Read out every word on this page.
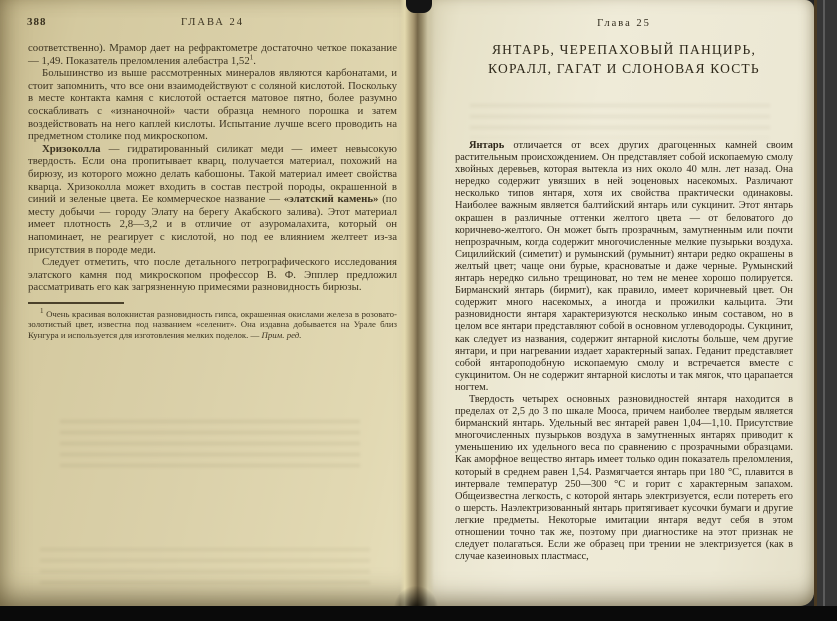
388	ГЛАВА 24

соответственно). Мрамор дает на рефрактометре достаточно четкое показание — 1,49. Показатель преломления алебастра 1,52$^1$.

Большинство из выше рассмотренных минералов являются карбонатами, и стоит запомнить, что все они взаимодействуют с соляной кислотой. Поскольку в месте контакта камня с кислотой остается матовое пятно, более разумно соскабливать с «изнаночной» части образца немного порошка и затем воздействовать на него каплей кислоты. Испытание лучше всего проводить на предметном столике под микроскопом.

Хризоколла — гидратированный силикат меди — имеет невысокую твердость. Если она пропитывает кварц, получается материал, похожий на бирюзу, из которого можно делать кабошоны. Такой материал имеет свойства кварца. Хризоколла может входить в состав пестрой породы, окрашенной в синий и зеленые цвета. Ее коммерческое название — «элатский камень» (по месту добычи — городу Элату на берегу Акабского залива). Этот материал имеет плотность 2,8—3,2 и в отличие от азуромалахита, который он напоминает, не реагирует с кислотой, но под ее влиянием желтеет из-за присутствия в породе меди.

Следует отметить, что после детального петрографического исследования элатского камня под микроскопом профессор В. Ф. Эпплер предложил рассматривать его как загрязненную примесями разновидность бирюзы.

$^1$ Очень красивая волокнистая разновидность гипса, окрашенная окислами железа в розовато-золотистый цвет, известна под названием «селенит». Она издавна добывается на Урале близ Кунгура и используется для изготовления мелких поделок. — Прим. ред.

Глава 25
ЯНТАРЬ, ЧЕРЕПАХОВЫЙ ПАНЦИРЬ,
КОРАЛЛ, ГАГАТ И СЛОНОВАЯ КОСТЬ

Янтарь отличается от всех других драгоценных камней своим растительным происхождением. Он представляет собой ископаемую смолу хвойных деревьев, которая вытекла из них около 40 млн. лет назад. Она нередко содержит увязших в ней эоценовых насекомых. Различают несколько типов янтаря, хотя их свойства практически одинаковы. Наиболее важным является балтийский янтарь или сукцинит. Этот янтарь окрашен в различные оттенки желтого цвета — от беловатого до коричнево-желтого. Он может быть прозрачным, замутненным или почти непрозрачным, когда содержит многочисленные мелкие пузырьки воздуха. Сицилийский (симетит) и румынский (румынит) янтари редко окрашены в желтый цвет; чаще они бурые, красноватые и даже черные. Румынский янтарь нередко сильно трещиноват, но тем не менее хорошо полируется. Бирманский янтарь (бирмит), как правило, имеет коричневый цвет. Он содержит много насекомых, а иногда и прожилки кальцита. Эти разновидности янтаря характеризуются несколько иным составом, но в целом все янтари представляют собой в основном углеводороды. Сукцинит, как следует из названия, содержит янтарной кислоты больше, чем другие янтари, и при нагревании издает характерный запах. Геданит представляет собой янтароподобную ископаемую смолу и встречается вместе с сукцинитом. Он не содержит янтарной кислоты и так мягок, что царапается ногтем.

Твердость четырех основных разновидностей янтаря находится в пределах от 2,5 до 3 по шкале Мооса, причем наиболее твердым является бирманский янтарь. Удельный вес янтарей равен 1,04—1,10. Присутствие многочисленных пузырьков воздуха в замутненных янтарях приводит к уменьшению их удельного веса по сравнению с прозрачными образцами. Как аморфное вещество янтарь имеет только один показатель преломления, который в среднем равен 1,54. Размягчается янтарь при 180 °С, плавится в интервале температур 250—300 °С и горит с характерным запахом. Общеизвестна легкость, с которой янтарь электризуется, если потереть его о шерсть. Наэлектризованный янтарь притягивает кусочки бумаги и другие легкие предметы. Некоторые имитации янтаря ведут себя в этом отношении точно так же, поэтому при диагностике на этот признак не следует полагаться. Если же образец при трении не электризуется (как в случае казеиновых пластмасс,
